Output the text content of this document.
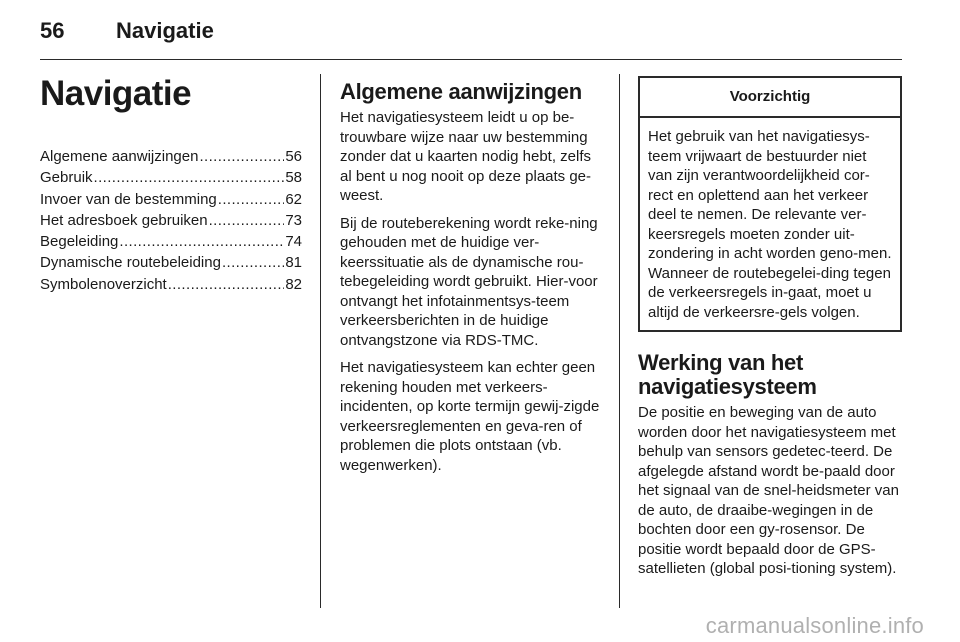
56 Navigatie
Navigatie
Algemene aanwijzingen .....	56
Gebruik .....	58
Invoer van de bestemming .....	62
Het adresboek gebruiken .....	73
Begeleiding .....	74
Dynamische routebeleiding .....	81
Symbolenoverzicht .....	82
Algemene aanwijzingen

Het navigatiesysteem leidt u op be-trouwbare wijze naar uw bestemming zonder dat u kaarten nodig hebt, zelfs al bent u nog nooit op deze plaats ge-weest.

Bij de routeberekening wordt reke-ning gehouden met de huidige ver-keerssituatie als de dynamische rou-tebegeleiding wordt gebruikt. Hier-voor ontvangt het infotainmentsys-teem verkeersberichten in de huidige ontvangstzone via RDS-TMC.

Het navigatiesysteem kan echter geen rekening houden met verkeers-incidenten, op korte termijn gewij-zigde verkeersreglementen en geva-ren of problemen die plots ontstaan (vb. wegenwerken).

Voorzichtig
Het gebruik van het navigatiesys-teem vrijwaart de bestuurder niet van zijn verantwoordelijkheid cor-rect en oplettend aan het verkeer deel te nemen. De relevante ver-keersregels moeten zonder uit-zondering in acht worden geno-men. Wanneer de routebegelei-ding tegen de verkeersregels in-gaat, moet u altijd de verkeersre-gels volgen.
Werking van het navigatiesysteem

De positie en beweging van de auto worden door het navigatiesysteem met behulp van sensors gedetec-teerd. De afgelegde afstand wordt be-paald door het signaal van de snel-heidsmeter van de auto, de draaibe-wegingen in de bochten door een gy-rosensor. De positie wordt bepaald door de GPS-satellieten (global posi-tioning system).

carmanualsonline.info
